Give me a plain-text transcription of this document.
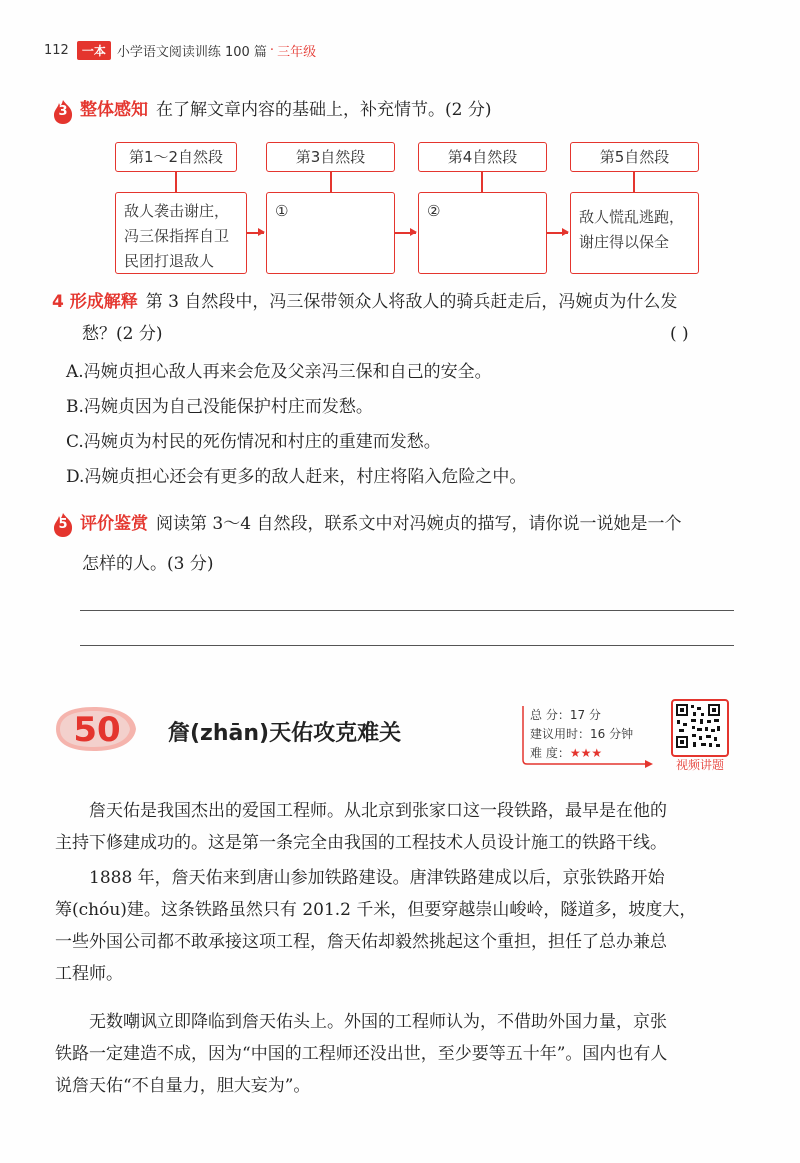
112	一本 小学语文阅读训练 100 篇 · 三年级
3 整体感知 在了解文章内容的基础上，补充情节。(2 分)
第1～2自然段	第3自然段	第4自然段	第5自然段
敌人袭击谢庄，
冯三保指挥自卫
民团打退敌人
①	②	敌人慌乱逃跑，
谢庄得以保全
4 形成解释 第 3 自然段中，冯三保带领众人将敌人的骑兵赶走后，冯婉贞为什么发
愁？(2 分)	( )
A.冯婉贞担心敌人再来会危及父亲冯三保和自己的安全。
B.冯婉贞因为自己没能保护村庄而发愁。
C.冯婉贞为村民的死伤情况和村庄的重建而发愁。
D.冯婉贞担心还会有更多的敌人赶来，村庄将陷入危险之中。
5 评价鉴赏 阅读第 3～4 自然段，联系文中对冯婉贞的描写，请你说一说她是一个
怎样的人。(3 分)
50	詹(zhān)天佑攻克难关
总 分：17 分
建议用时：16 分钟
难 度：★★★
视频讲题
詹天佑是我国杰出的爱国工程师。从北京到张家口这一段铁路，最早是在他的
主持下修建成功的。这是第一条完全由我国的工程技术人员设计施工的铁路干线。
1888 年，詹天佑来到唐山参加铁路建设。唐津铁路建成以后，京张铁路开始
筹(chóu)建。这条铁路虽然只有 201.2 千米，但要穿越崇山峻岭，隧道多，坡度大，
一些外国公司都不敢承接这项工程，詹天佑却毅然挑起这个重担，担任了总办兼总
工程师。
无数嘲讽立即降临到詹天佑头上。外国的工程师认为，不借助外国力量，京张
铁路一定建造不成，因为“中国的工程师还没出世，至少要等五十年”。国内也有人
说詹天佑“不自量力，胆大妄为”。
